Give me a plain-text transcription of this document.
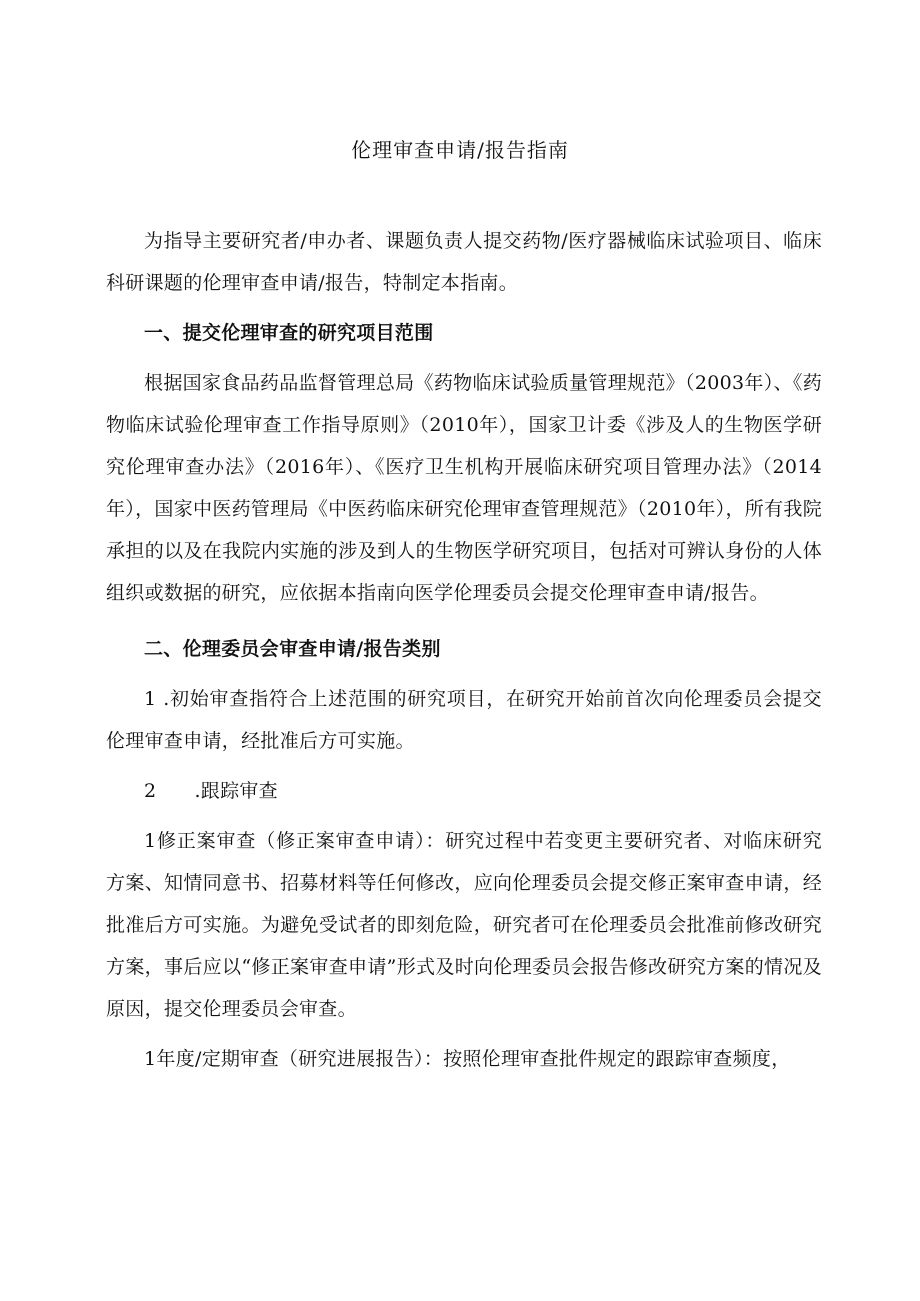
伦理审查申请/报告指南

为指导主要研究者/申办者、课题负责人提交药物/医疗器械临床试验项目、临床科研课题的伦理审查申请/报告，特制定本指南。

一、提交伦理审查的研究项目范围

根据国家食品药品监督管理总局《药物临床试验质量管理规范》（2003年）、《药物临床试验伦理审查工作指导原则》（2010年），国家卫计委《涉及人的生物医学研究伦理审查办法》（2016年）、《医疗卫生机构开展临床研究项目管理办法》（2014年），国家中医药管理局《中医药临床研究伦理审查管理规范》（2010年），所有我院承担的以及在我院内实施的涉及到人的生物医学研究项目，包括对可辨认身份的人体组织或数据的研究，应依据本指南向医学伦理委员会提交伦理审查申请/报告。

二、伦理委员会审查申请/报告类别

1 .初始审查指符合上述范围的研究项目，在研究开始前首次向伦理委员会提交伦理审查申请，经批准后方可实施。

2 .跟踪审查

1修正案审查（修正案审查申请）：研究过程中若变更主要研究者、对临床研究方案、知情同意书、招募材料等任何修改，应向伦理委员会提交修正案审查申请，经批准后方可实施。为避免受试者的即刻危险，研究者可在伦理委员会批准前修改研究方案，事后应以“修正案审查申请”形式及时向伦理委员会报告修改研究方案的情况及原因，提交伦理委员会审查。

1年度/定期审查（研究进展报告）：按照伦理审查批件规定的跟踪审查频度，
